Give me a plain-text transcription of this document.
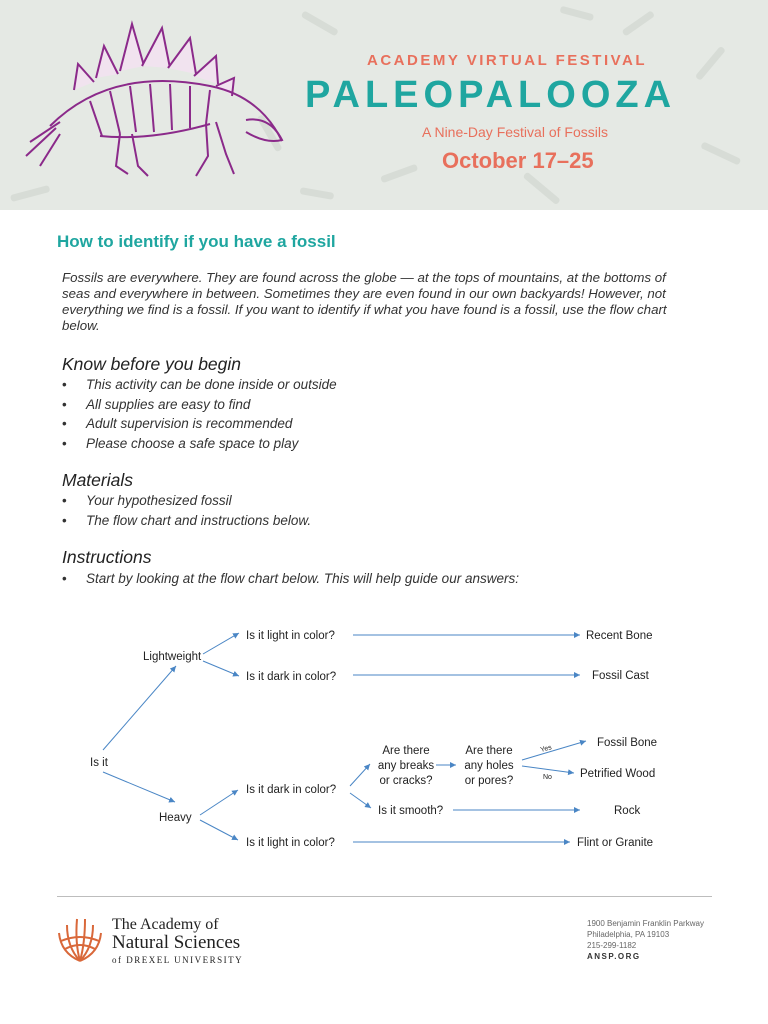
ACADEMY VIRTUAL FESTIVAL
PALEOPALOOZA
A Nine-Day Festival of Fossils
October 17–25
How to identify if you have a fossil

Fossils are everywhere. They are found across the globe — at the tops of mountains, at the bottoms of seas and everywhere in between. Sometimes they are even found in our own backyards! However, not everything we find is a fossil. If you want to identify if what you have found is a fossil, use the flow chart below.

Know before you begin
• This activity can be done inside or outside
• All supplies are easy to find
• Adult supervision is recommended
• Please choose a safe space to play
Materials
• Your hypothesized fossil
• The flow chart and instructions below.
Instructions
• Start by looking at the flow chart below. This will help guide our answers:
Is it
Lightweight
Heavy
Is it light in color?
Is it dark in color?
Is it dark in color?
Is it light in color?
Are there
any breaks
or cracks?
Are there
any holes
or pores?
Is it smooth?
Yes
No
Recent Bone
Fossil Cast
Fossil Bone
Petrified Wood
Rock
Flint or Granite
The Academy of
Natural Sciences
of DREXEL UNIVERSITY
1900 Benjamin Franklin Parkway
Philadelphia, PA 19103
215-299-1182
ANSP.ORG
